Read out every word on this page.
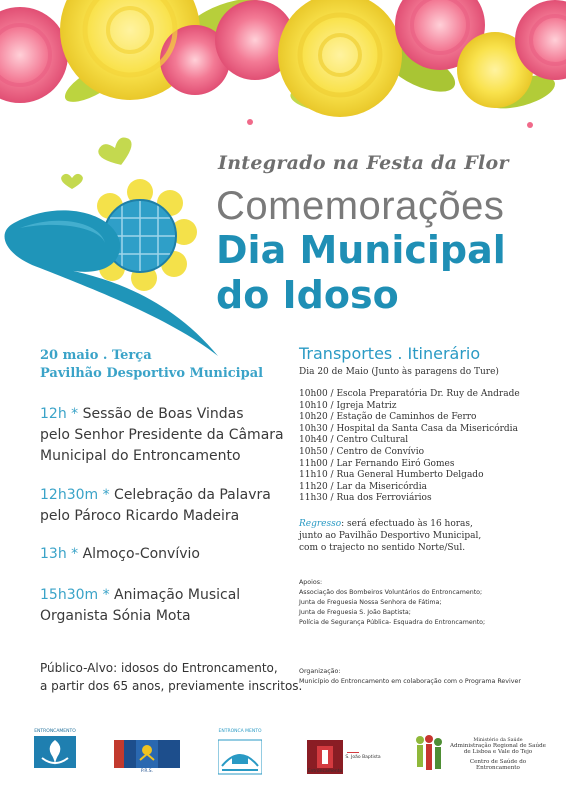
Integrado na Festa da Flor
Comemorações
Dia Municipal
do Idoso
20 maio . Terça
Pavilhão Desportivo Municipal
12h * Sessão de Boas Vindas
pelo Senhor Presidente da Câmara
Municipal do Entroncamento
12h30m * Celebração da Palavra
pelo Pároco Ricardo Madeira
13h * Almoço-Convívio
15h30m * Animação Musical
Organista Sónia Mota
Público-Alvo: idosos do Entroncamento,
a partir dos 65 anos, previamente inscritos.
Transportes . Itinerário
Dia 20 de Maio (Junto às paragens do Ture)
10h00 / Escola Preparatória Dr. Ruy de Andrade
10h10 / Igreja Matriz
10h20 / Estação de Caminhos de Ferro
10h30 / Hospital da Santa Casa da Misericórdia
10h40 / Centro Cultural
10h50 / Centro de Convívio
11h00 / Lar Fernando Eiró Gomes
11h10 / Rua General Humberto Delgado
11h20 / Lar da Misericórdia
11h30 / Rua dos Ferroviários
Regresso: será efectuado às 16 horas,
junto ao Pavilhão Desportivo Municipal,
com o trajecto no sentido Norte/Sul.
Apoios:
Associação dos Bombeiros Voluntários do Entroncamento;
Junta de Freguesia Nossa Senhora de Fátima;
Junta de Freguesia S. João Baptista;
Polícia de Segurança Pública- Esquadra do Entroncamento;
Organização:
Município do Entroncamento em colaboração com o Programa Reviver
ENTRONCAMENTO
P.R.S.
ENTRONCA MENTO
Entroncamento
S. João Baptista
Ministério da Saúde
Administração Regional de Saúde
de Lisboa e Vale do Tejo
Centro de Saúde do Entroncamento
